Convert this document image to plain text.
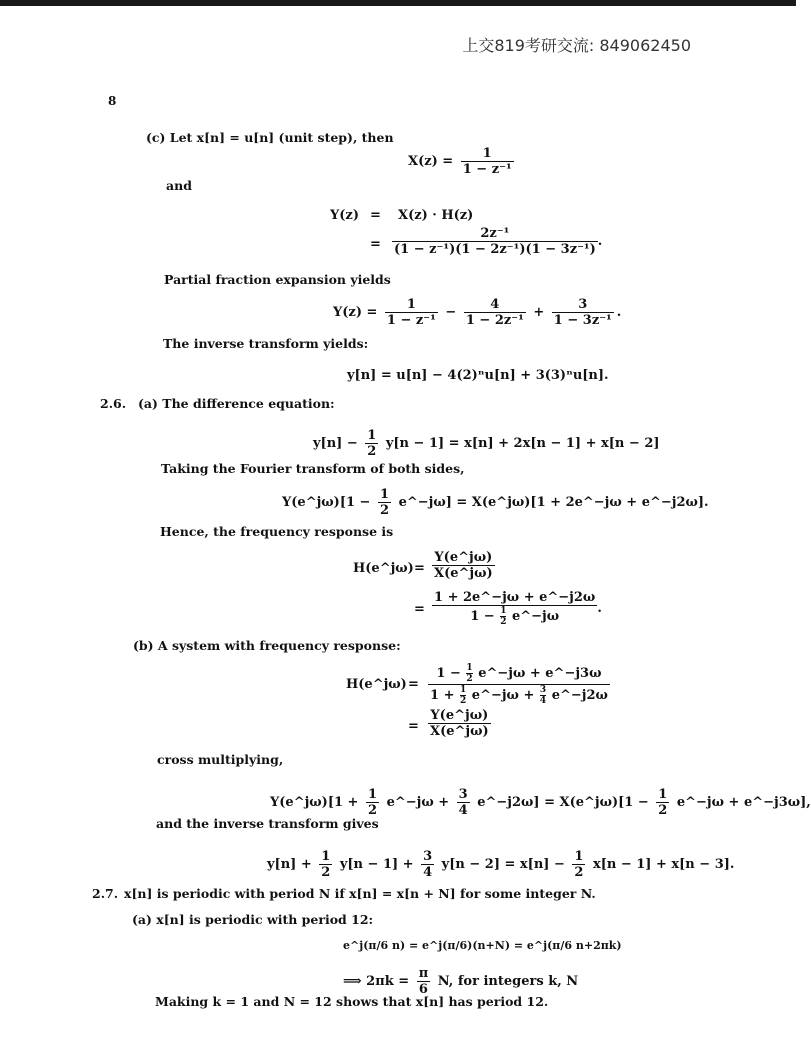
上交819考研交流: 849062450
8
(c) Let x[n] = u[n] (unit step), then
$X(z) = \frac{1}{\text{1 − z⁻¹}}$
and
Y(z) = X(z) · H(z)
= $\frac{\text{2z⁻¹}}{\text{(1 − z⁻¹)(1 − 2z⁻¹)(1 − 3z⁻¹)}}$ .
Partial fraction expansion yields
$Y(z) = \frac{1}{\text{1 − z⁻¹}} - \frac{4}{\text{1 − 2z⁻¹}} + \frac{3}{\text{1 − 3z⁻¹}}$ .
The inverse transform yields:
y[n] = u[n] − 4(2)ⁿu[n] + 3(3)ⁿu[n].
2.6. (a) The difference equation:
$y[n] - \frac{1}{2} y[n - 1] = x[n] + 2x[n - 1] + x[n - 2]$
Taking the Fourier transform of both sides,
Y(e^jω)[1 − $\frac{1}{2}$ e^−jω] = X(e^jω)[1 + 2e^−jω + e^−j2ω].
Hence, the frequency response is
H(e^jω) = $\frac{Y(e\^{}j\omega)}{X(e\^{}j\omega)}$
= $\frac{1 + 2e\^{}-j\omega + e\^{}-j2\omega}{1 - \frac{1}{2} e\^{}-j\omega}$ .
(b) A system with frequency response:
H(e^jω) =
$1 - \frac{1}{2}$ e^−jω + e^−j3ω
$1 + \frac{1}{2}$ e^−jω + $\frac{3}{4}$ e^−j2ω
= $\frac{Y(e\^{}j\omega)}{X(e\^{}j\omega)}$
cross multiplying,
Y(e^jω)[1 + $\frac{1}{2}$ e^−jω + $\frac{3}{4}$ e^−j2ω] = X(e^jω)[1 − $\frac{1}{2}$ e^−jω + e^−j3ω],
and the inverse transform gives
$y[n] + \frac{1}{2} y[n - 1] + \frac{3}{4} y[n - 2] = x[n] - \frac{1}{2} x[n - 1] + x[n - 3]$.
2.7. x[n] is periodic with period N if x[n] = x[n + N] for some integer N.
(a) x[n] is periodic with period 12:
e^j(π/6 n) = e^j(π/6)(n+N) = e^j(π/6 n+2πk)
⟹ $2\pi k = \frac{\pi}{6} N$, for integers k, N
Making k = 1 and N = 12 shows that x[n] has period 12.
